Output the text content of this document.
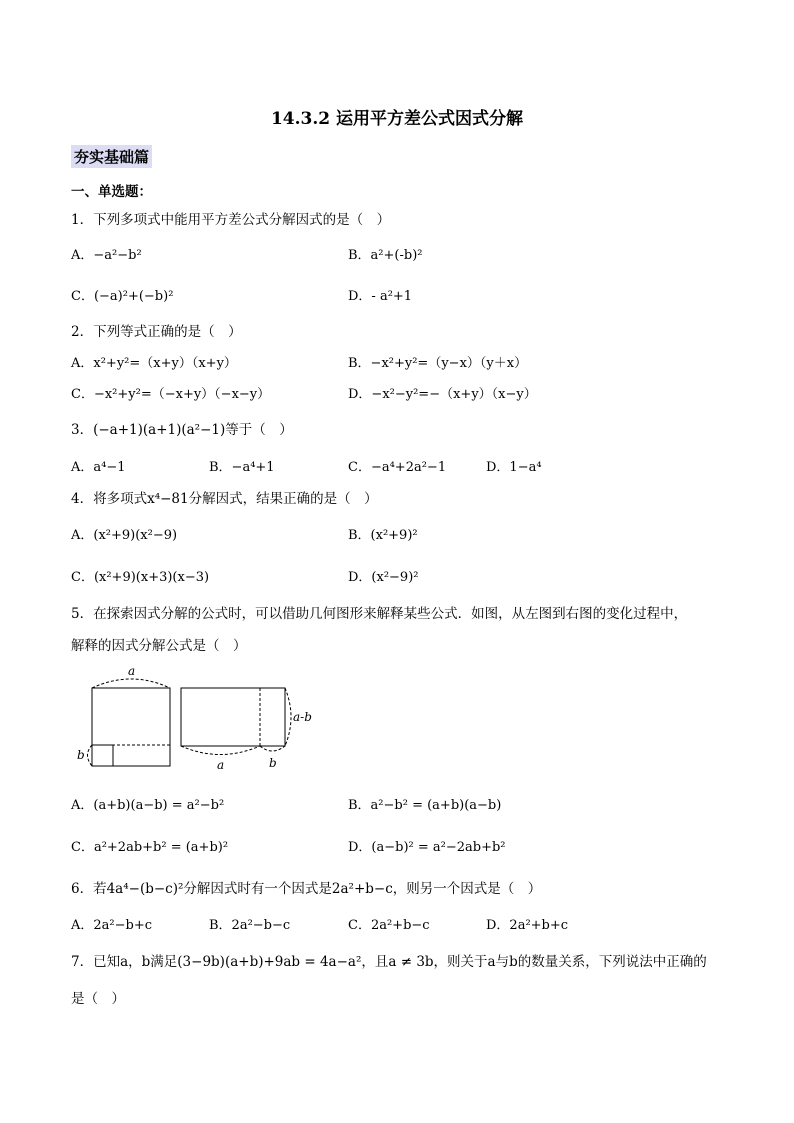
14.3.2 运用平方差公式因式分解
夯实基础篇
一、单选题：
1．下列多项式中能用平方差公式分解因式的是（　）
A．−a²−b²	B．a²+(-b)²
C．(−a)²+(−b)²	D．- a²+1
2．下列等式正确的是（　）
A．x²+y²=（x+y）（x+y）	B．−x²+y²=（y−x）（y＋x）
C．−x²+y²=（−x+y）（−x−y）	D．−x²−y²=−（x+y）（x−y）
3．(−a+1)(a+1)(a²−1)等于（　）
A．a⁴−1	B．−a⁴+1	C．−a⁴+2a²−1	D．1−a⁴
4．将多项式x⁴−81分解因式，结果正确的是（　）
A．(x²+9)(x²−9)	B．(x²+9)²
C．(x²+9)(x+3)(x−3)	D．(x²−9)²
5．在探索因式分解的公式时，可以借助几何图形来解释某些公式．如图，从左图到右图的变化过程中，
解释的因式分解公式是（　）
a
b
a-b
a	b
A．(a+b)(a−b) = a²−b²	B．a²−b² = (a+b)(a−b)
C．a²+2ab+b² = (a+b)²	D．(a−b)² = a²−2ab+b²
6．若4a⁴−(b−c)²分解因式时有一个因式是2a²+b−c，则另一个因式是（　）
A．2a²−b+c	B．2a²−b−c	C．2a²+b−c	D．2a²+b+c
7．已知a，b满足(3−9b)(a+b)+9ab = 4a−a²，且a ≠ 3b，则关于a与b的数量关系，下列说法中正确的
是（　）
